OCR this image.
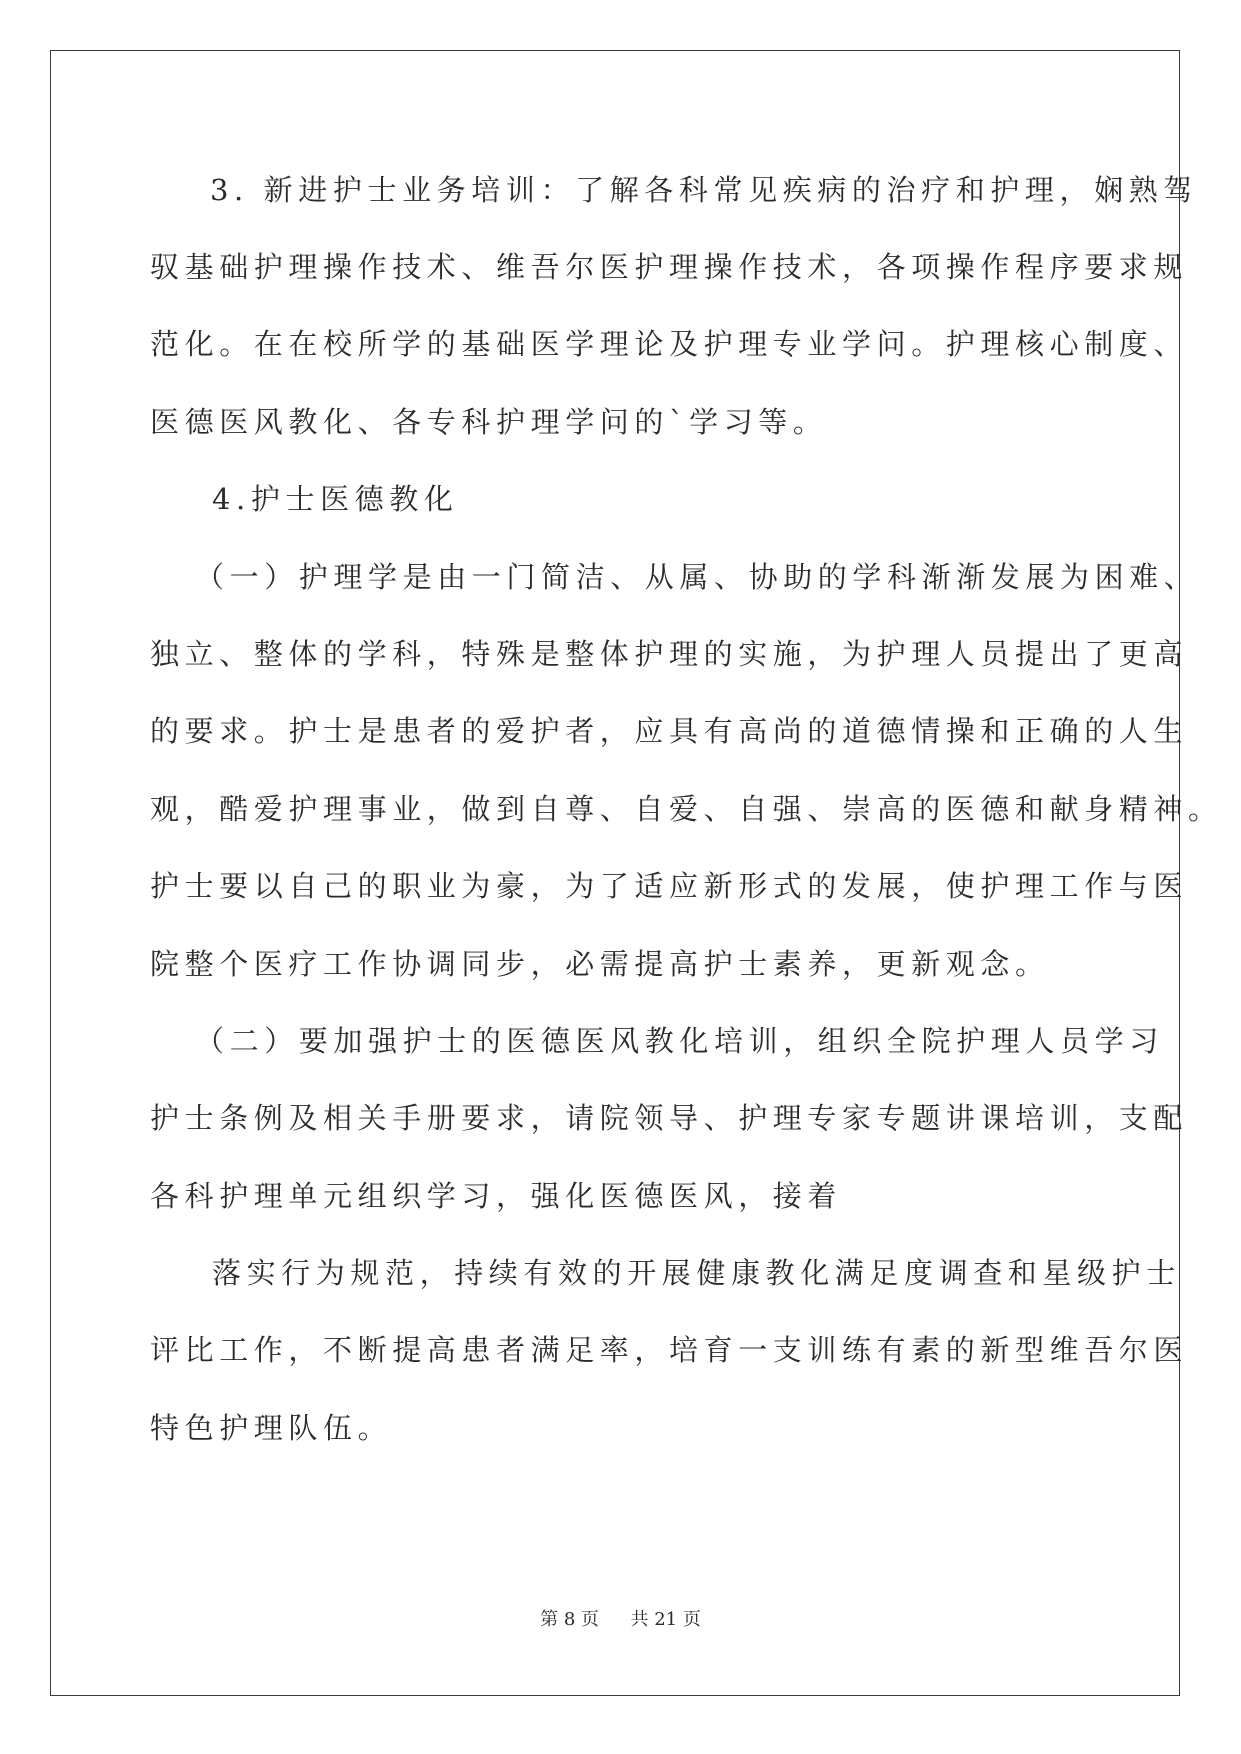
3. 新进护士业务培训：了解各科常见疾病的治疗和护理，娴熟驾

驭基础护理操作技术、维吾尔医护理操作技术，各项操作程序要求规

范化。在在校所学的基础医学理论及护理专业学问。护理核心制度、

医德医风教化、各专科护理学问的`学习等。

4.护士医德教化

（一）护理学是由一门简洁、从属、协助的学科渐渐发展为困难、

独立、整体的学科，特殊是整体护理的实施，为护理人员提出了更高

的要求。护士是患者的爱护者，应具有高尚的道德情操和正确的人生

观，酷爱护理事业，做到自尊、自爱、自强、崇高的医德和献身精神。

护士要以自己的职业为豪，为了适应新形式的发展，使护理工作与医

院整个医疗工作协调同步，必需提高护士素养，更新观念。

（二）要加强护士的医德医风教化培训，组织全院护理人员学习

护士条例及相关手册要求，请院领导、护理专家专题讲课培训，支配

各科护理单元组织学习，强化医德医风，接着

落实行为规范，持续有效的开展健康教化满足度调查和星级护士

评比工作，不断提高患者满足率，培育一支训练有素的新型维吾尔医

特色护理队伍。

第 8 页 共 21 页
